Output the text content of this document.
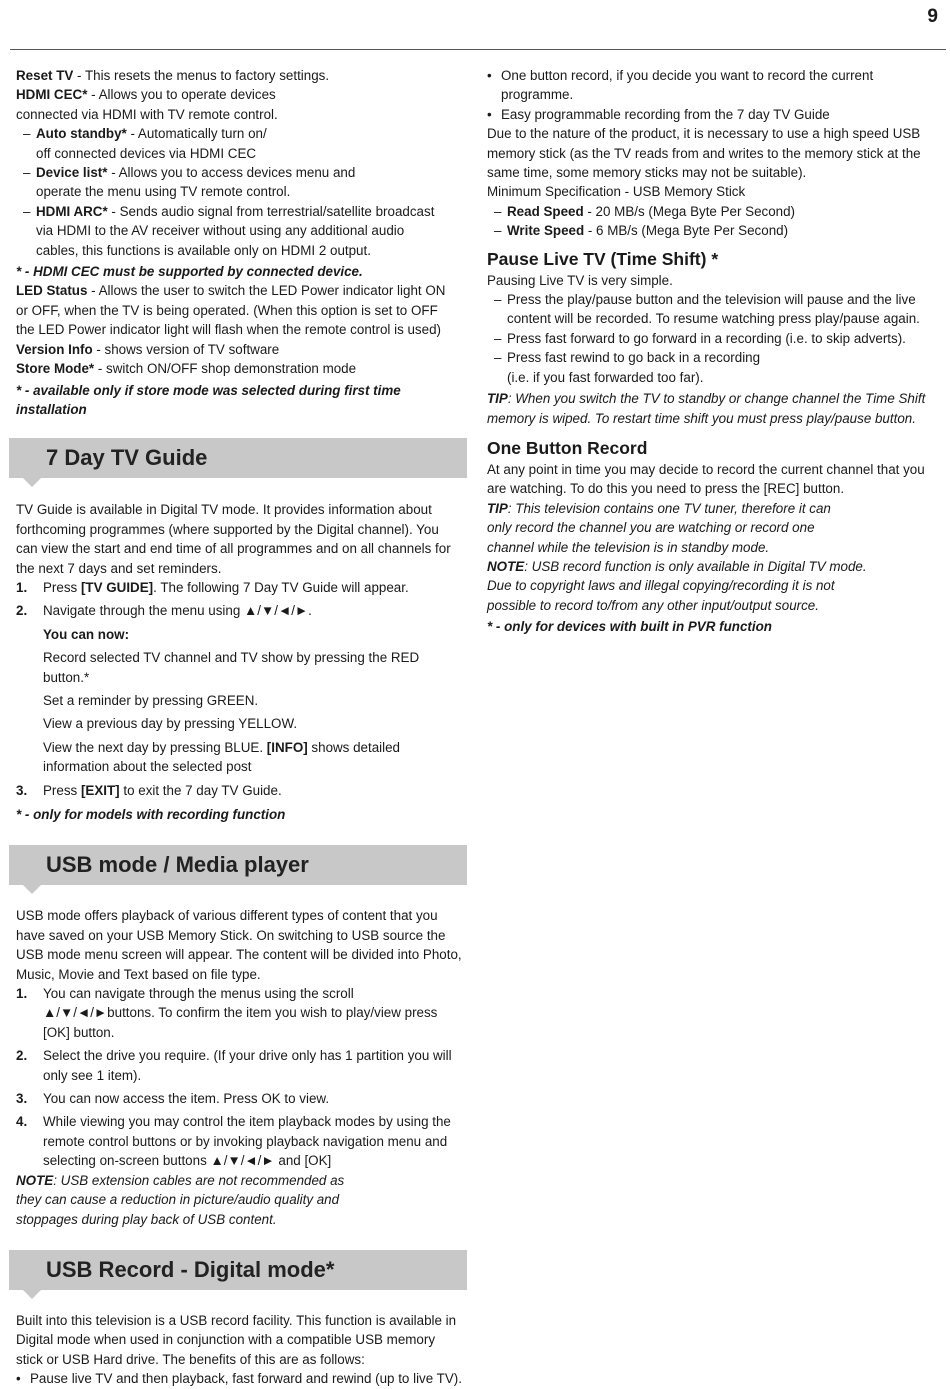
9

Reset TV - This resets the menus to factory settings.

HDMI CEC* - Allows you to operate devices

connected via HDMI with TV remote control.

– Auto standby* - Automatically turn on/
off connected devices via HDMI CEC
– Device list* - Allows you to access devices menu and
operate the menu using TV remote control.
– HDMI ARC* - Sends audio signal from terrestrial/satellite broadcast
via HDMI to the AV receiver without using any additional audio
cables, this functions is available only on HDMI 2 output.

* - HDMI CEC must be supported by connected device.

LED Status - Allows the user to switch the LED Power indicator light ON
or OFF, when the TV is being operated. (When this option is set to OFF
the LED Power indicator light will flash when the remote control is used)

Version Info - shows version of TV software

Store Mode* - switch ON/OFF shop demonstration mode

* - available only if store mode was selected during first time installation

7 Day TV Guide

TV Guide is available in Digital TV mode. It provides information about

forthcoming programmes (where supported by the Digital channel). You

can view the start and end time of all programmes and on all channels for

the next 7 days and set reminders.

1.	Press [TV GUIDE]. The following 7 Day TV Guide will appear.
2.	Navigate through the menu using ▲/▼/◄/►.

You can now:

Record selected TV channel and TV show by pressing the RED button.*

Set a reminder by pressing GREEN.

View a previous day by pressing YELLOW.

View the next day by pressing BLUE. [INFO] shows detailed
information about the selected post

3.	Press [EXIT] to exit the 7 day TV Guide.

* - only for models with recording function

USB mode / Media player

USB mode offers playback of various different types of content that you

have saved on your USB Memory Stick. On switching to USB source the

USB mode menu screen will appear. The content will be divided into Photo,

Music, Movie and Text based on file type.

1.	You can navigate through the menus using the scroll
▲/▼/◄/►buttons. To confirm the item you wish to play/view press
[OK] button.
2.	Select the drive you require. (If your drive only has 1 partition you will
only see 1 item).
3.	You can now access the item. Press OK to view.
4.	While viewing you may control the item playback modes by using the
remote control buttons or by invoking playback navigation menu and
selecting on-screen buttons ▲/▼/◄/► and [OK]

NOTE: USB extension cables are not recommended as
they can cause a reduction in picture/audio quality and
stoppages during play back of USB content.

USB Record - Digital mode*

Built into this television is a USB record facility. This function is available in

Digital mode when used in conjunction with a compatible USB memory

stick or USB Hard drive. The benefits of this are as follows:

• Pause live TV and then playback, fast forward and rewind (up to live TV).

• One button record, if you decide you want to record the current
programme.

• Easy programmable recording from the 7 day TV Guide

Due to the nature of the product, it is necessary to use a high speed USB

memory stick (as the TV reads from and writes to the memory stick at the

same time, some memory sticks may not be suitable).

Minimum Specification - USB Memory Stick

– Read Speed - 20 MB/s (Mega Byte Per Second)
– Write Speed - 6 MB/s (Mega Byte Per Second)
Pause Live TV (Time Shift) *

Pausing Live TV is very simple.

– Press the play/pause button and the television will pause and the live
content will be recorded. To resume watching press play/pause again.
– Press fast forward to go forward in a recording (i.e. to skip adverts).
– Press fast rewind to go back in a recording
(i.e. if you fast forwarded too far).

TIP: When you switch the TV to standby or change channel the Time Shift
memory is wiped. To restart time shift you must press play/pause button.

One Button Record

At any point in time you may decide to record the current channel that you

are watching. To do this you need to press the [REC] button.

TIP: This television contains one TV tuner, therefore it can
only record the channel you are watching or record one
channel while the television is in standby mode.

NOTE: USB record function is only available in Digital TV mode.
Due to copyright laws and illegal copying/recording it is not
possible to record to/from any other input/output source.

* - only for devices with built in PVR function
